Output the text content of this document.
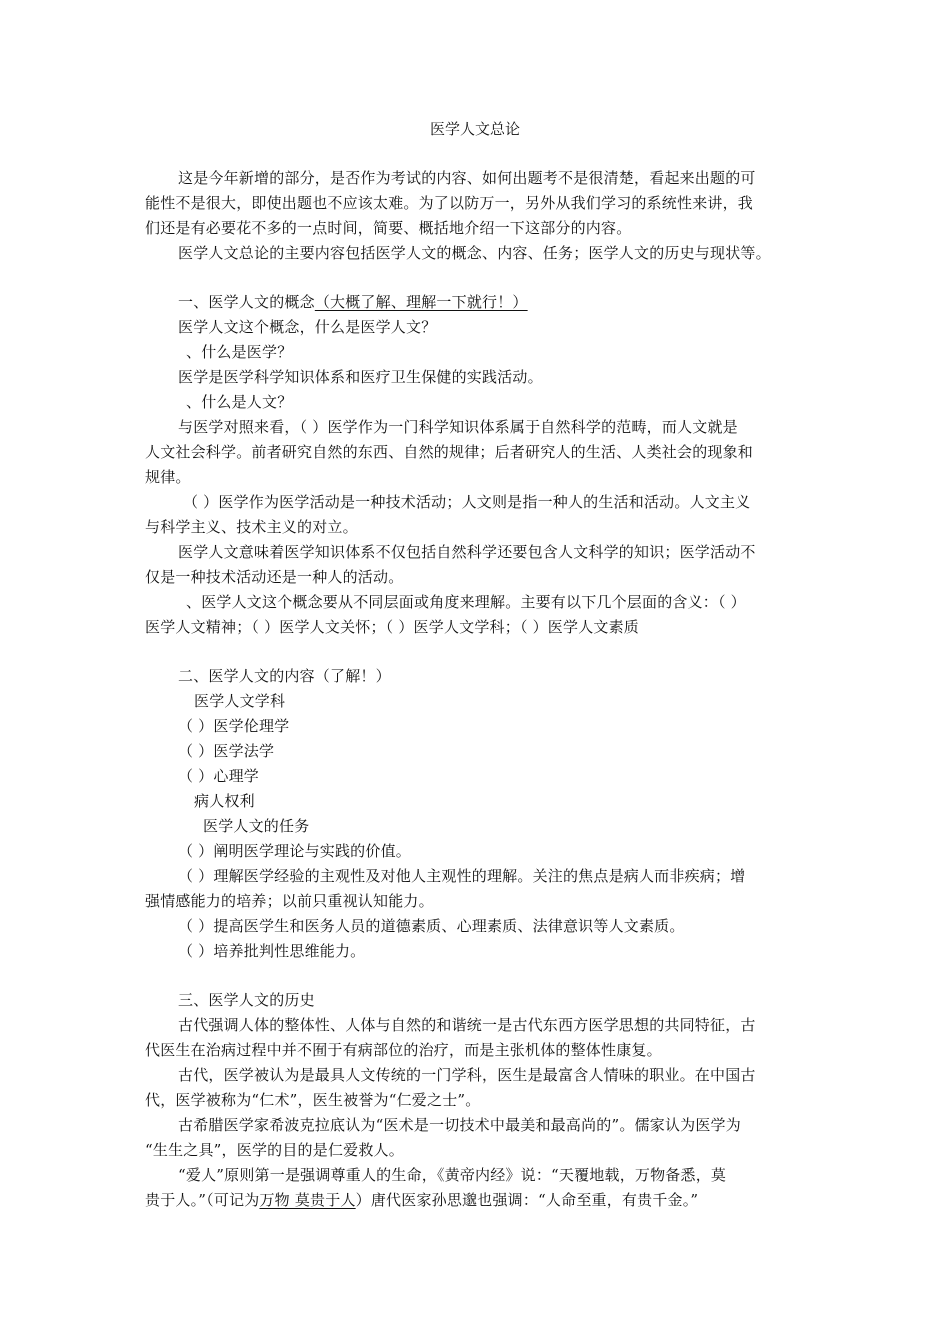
医学人文总论
这是今年新增的部分，是否作为考试的内容、如何出题考不是很清楚，看起来出题的可
能性不是很大，即使出题也不应该太难。为了以防万一，另外从我们学习的系统性来讲，我
们还是有必要花不多的一点时间，简要、概括地介绍一下这部分的内容。
医学人文总论的主要内容包括医学人文的概念、内容、任务；医学人文的历史与现状等。
一、医学人文的概念（大概了解、理解一下就行！）
医学人文这个概念，什么是医学人文？
、什么是医学？
医学是医学科学知识体系和医疗卫生保健的实践活动。
、什么是人文？
与医学对照来看，（ ）医学作为一门科学知识体系属于自然科学的范畴，而人文就是
人文社会科学。前者研究自然的东西、自然的规律；后者研究人的生活、人类社会的现象和
规律。
（ ）医学作为医学活动是一种技术活动；人文则是指一种人的生活和活动。人文主义
与科学主义、技术主义的对立。
医学人文意味着医学知识体系不仅包括自然科学还要包含人文科学的知识；医学活动不
仅是一种技术活动还是一种人的活动。
、医学人文这个概念要从不同层面或角度来理解。主要有以下几个层面的含义：（ ）
医学人文精神；（ ）医学人文关怀；（ ）医学人文学科；（ ）医学人文素质
二、医学人文的内容（了解！）
医学人文学科
（ ）医学伦理学
（ ）医学法学
（ ）心理学
病人权利
医学人文的任务
（ ）阐明医学理论与实践的价值。
（ ）理解医学经验的主观性及对他人主观性的理解。关注的焦点是病人而非疾病；增
强情感能力的培养；以前只重视认知能力。
（ ）提高医学生和医务人员的道德素质、心理素质、法律意识等人文素质。
（ ）培养批判性思维能力。
三、医学人文的历史
古代强调人体的整体性、人体与自然的和谐统一是古代东西方医学思想的共同特征，古
代医生在治病过程中并不囿于有病部位的治疗，而是主张机体的整体性康复。
古代，医学被认为是最具人文传统的一门学科，医生是最富含人情味的职业。在中国古
代，医学被称为“仁术”，医生被誉为“仁爱之士”。
古希腊医学家希波克拉底认为“医术是一切技术中最美和最高尚的”。儒家认为医学为
“生生之具”，医学的目的是仁爱救人。
“爱人”原则第一是强调尊重人的生命，《黄帝内经》说：“天覆地载，万物备悉，莫
贵于人。”（可记为万物 莫贵于人）唐代医家孙思邈也强调：“人命至重，有贵千金。”
